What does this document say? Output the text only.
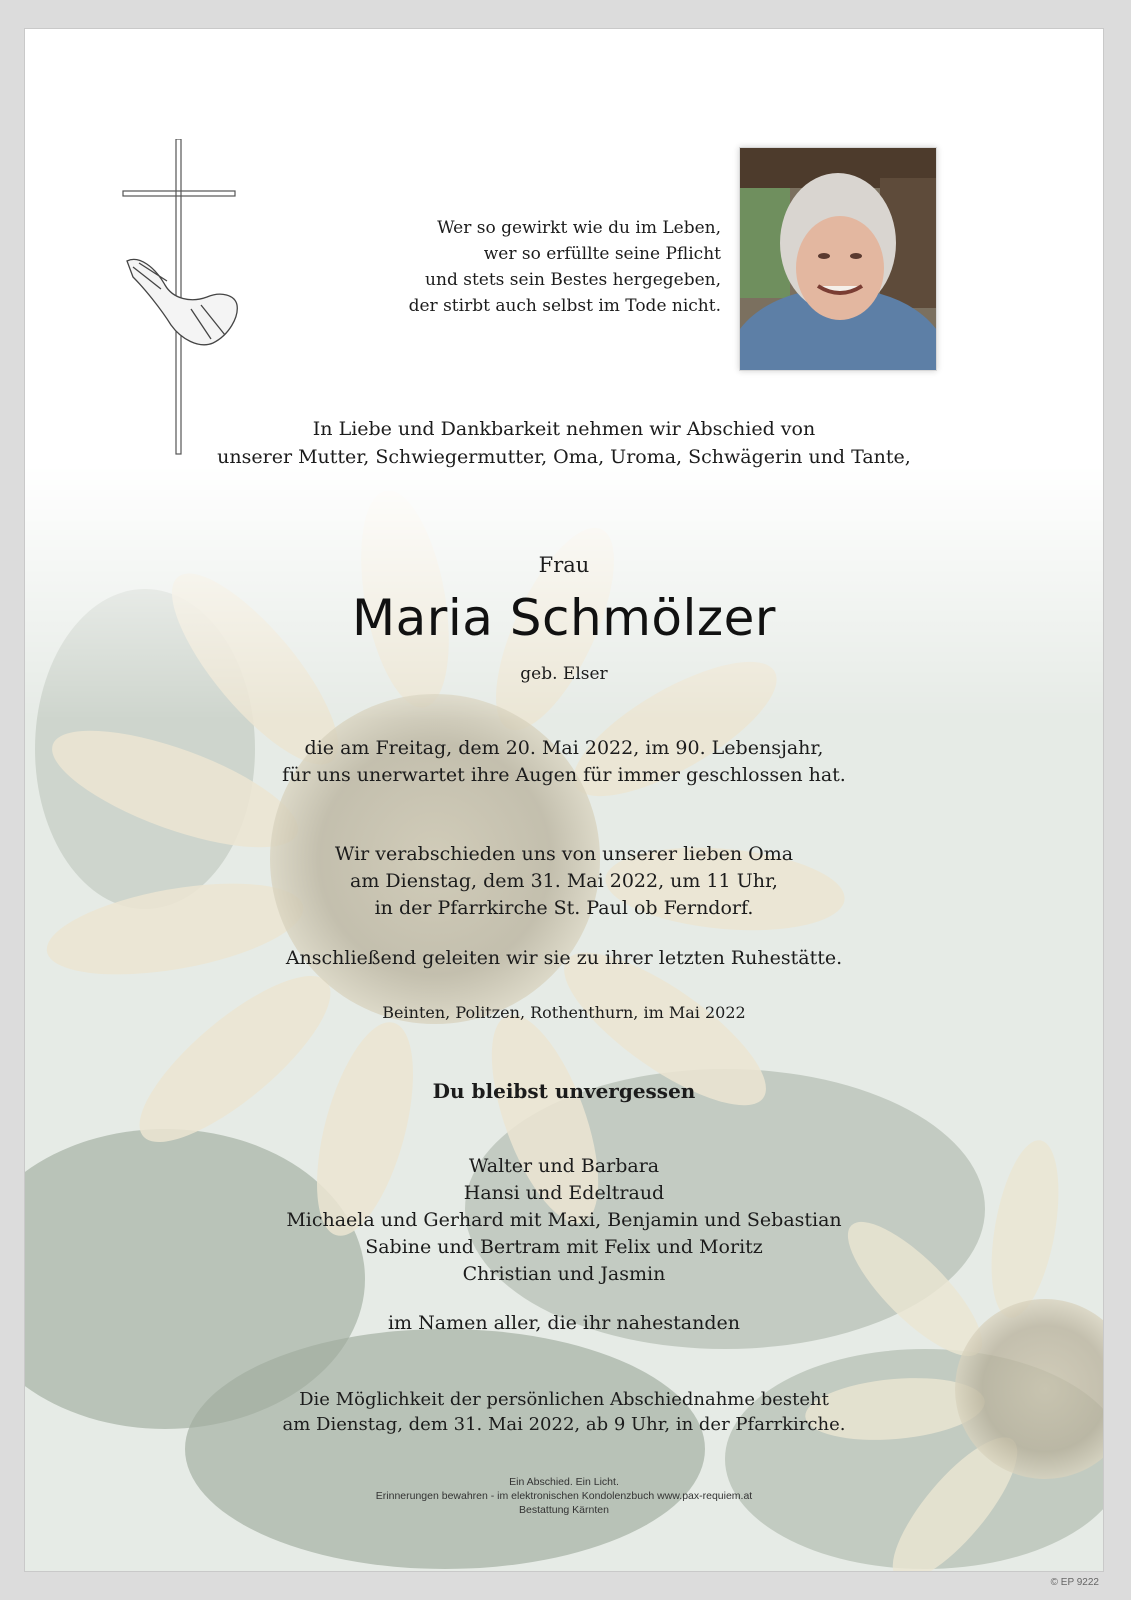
Wer so gewirkt wie du im Leben,
wer so erfüllte seine Pflicht
und stets sein Bestes hergegeben,
der stirbt auch selbst im Tode nicht.
In Liebe und Dankbarkeit nehmen wir Abschied von
unserer Mutter, Schwiegermutter, Oma, Uroma, Schwägerin und Tante,
Frau
Maria Schmölzer
geb. Elser
die am Freitag, dem 20. Mai 2022, im 90. Lebensjahr,
für uns unerwartet ihre Augen für immer geschlossen hat.
Wir verabschieden uns von unserer lieben Oma
am Dienstag, dem 31. Mai 2022, um 11 Uhr,
in der Pfarrkirche St. Paul ob Ferndorf.
Anschließend geleiten wir sie zu ihrer letzten Ruhestätte.
Beinten, Politzen, Rothenthurn, im Mai 2022
Du bleibst unvergessen
Walter und Barbara
Hansi und Edeltraud
Michaela und Gerhard mit Maxi, Benjamin und Sebastian
Sabine und Bertram mit Felix und Moritz
Christian und Jasmin
im Namen aller, die ihr nahestanden
Die Möglichkeit der persönlichen Abschiednahme besteht
am Dienstag, dem 31. Mai 2022, ab 9 Uhr, in der Pfarrkirche.
Ein Abschied. Ein Licht.
Erinnerungen bewahren - im elektronischen Kondolenzbuch www.pax-requiem.at
Bestattung Kärnten
© EP 9222
